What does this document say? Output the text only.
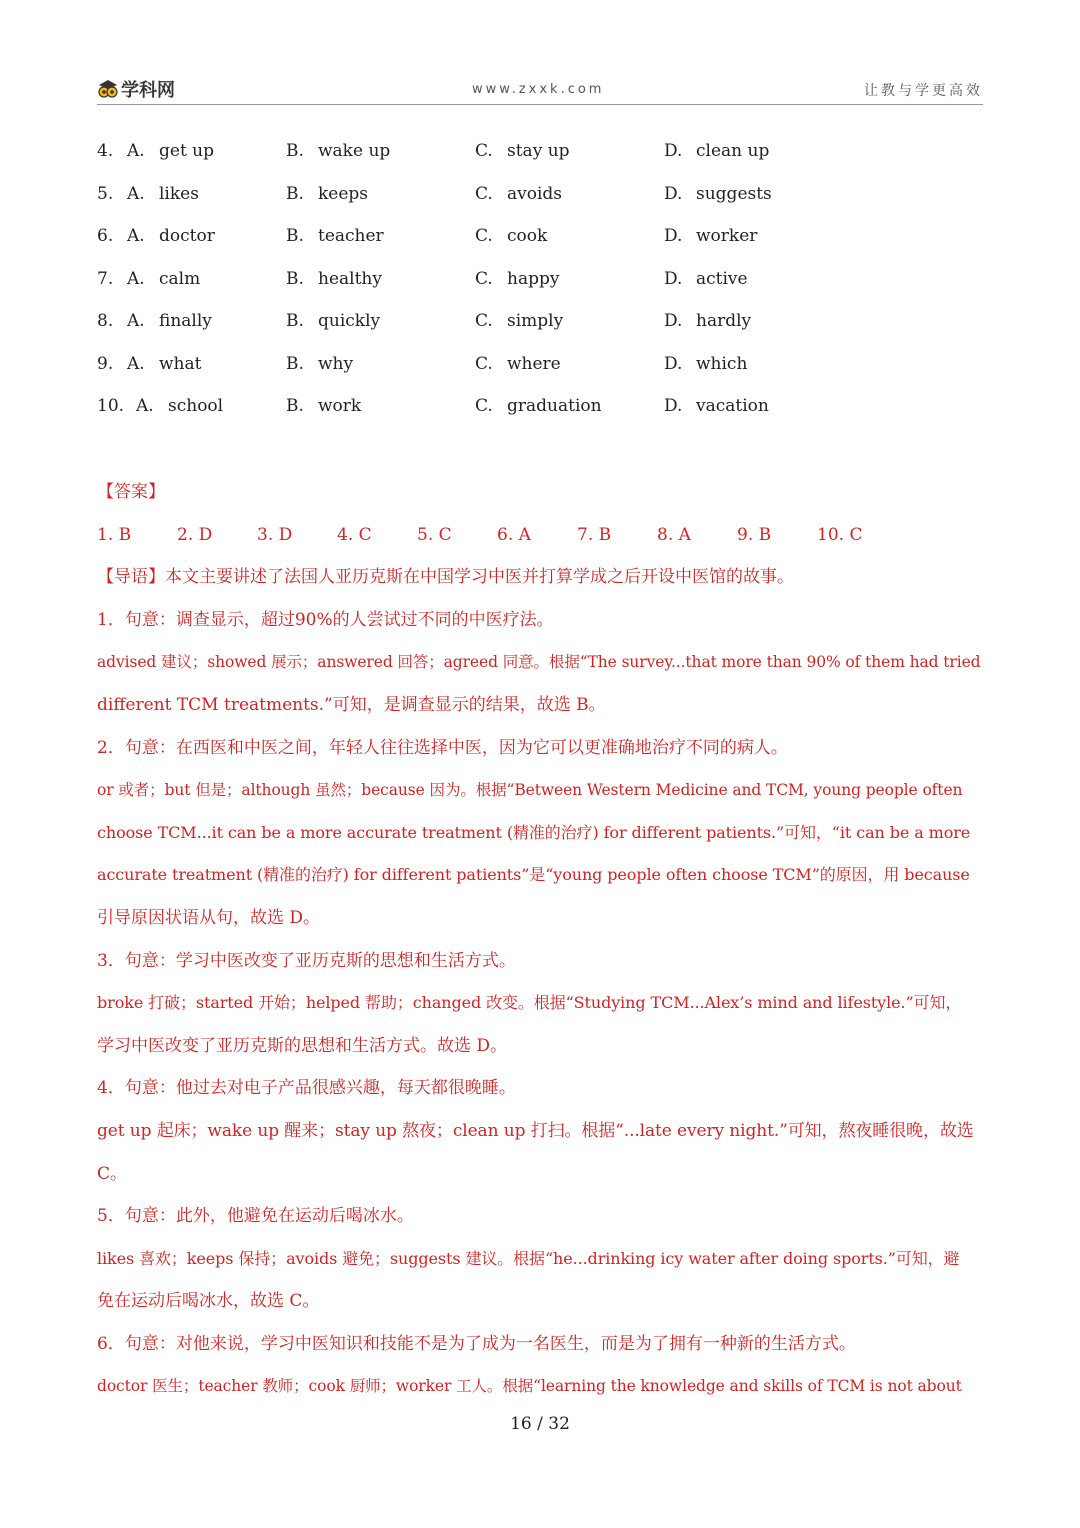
学科网	www.zxxk.com	让教与学更高效
4. A. get up	B. wake up	C. stay up	D. clean up
5. A. likes	B. keeps	C. avoids	D. suggests
6. A. doctor	B. teacher	C. cook	D. worker
7. A. calm	B. healthy	C. happy	D. active
8. A. finally	B. quickly	C. simply	D. hardly
9. A. what	B. why	C. where	D. which
10. A. school	B. work	C. graduation	D. vacation
【答案】
1. B	2. D	3. D	4. C	5. C	6. A	7. B	8. A	9. B	10. C
【导语】本文主要讲述了法国人亚历克斯在中国学习中医并打算学成之后开设中医馆的故事。
1．句意：调查显示，超过90%的人尝试过不同的中医疗法。
advised 建议；showed 展示；answered 回答；agreed 同意。根据“The survey...that more than 90% of them had tried
different TCM treatments.”可知，是调查显示的结果，故选 B。
2．句意：在西医和中医之间，年轻人往往选择中医，因为它可以更准确地治疗不同的病人。
or 或者；but 但是；although 虽然；because 因为。根据“Between Western Medicine and TCM, young people often
choose TCM...it can be a more accurate treatment (精准的治疗) for different patients.”可知，“it can be a more
accurate treatment (精准的治疗) for different patients”是“young people often choose TCM”的原因，用 because
引导原因状语从句，故选 D。
3．句意：学习中医改变了亚历克斯的思想和生活方式。
broke 打破；started 开始；helped 帮助；changed 改变。根据“Studying TCM...Alex’s mind and lifestyle.”可知，
学习中医改变了亚历克斯的思想和生活方式。故选 D。
4．句意：他过去对电子产品很感兴趣，每天都很晚睡。
get up 起床；wake up 醒来；stay up 熬夜；clean up 打扫。根据“...late every night.”可知，熬夜睡很晚，故选
C。
5．句意：此外，他避免在运动后喝冰水。
likes 喜欢；keeps 保持；avoids 避免；suggests 建议。根据“he...drinking icy water after doing sports.”可知，避
免在运动后喝冰水，故选 C。
6．句意：对他来说，学习中医知识和技能不是为了成为一名医生，而是为了拥有一种新的生活方式。
doctor 医生；teacher 教师；cook 厨师；worker 工人。根据“learning the knowledge and skills of TCM is not about
16 / 32
